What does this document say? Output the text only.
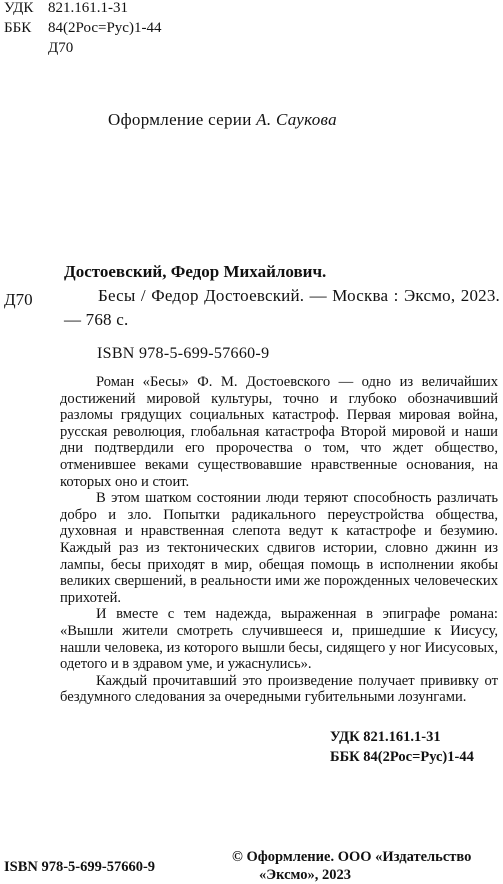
УДК 821.161.1-31
ББК 84(2Рос=Рус)1-44
Д70
Оформление серии А. Саукова
Д70
Достоевский, Федор Михайлович.
Бесы / Федор Достоевский. — Москва : Эксмо, 2023. — 768 с.
ISBN 978-5-699-57660-9

Роман «Бесы» Ф. М. Достоевского — одно из величайших достижений мировой культуры, точно и глубоко обозначивший разломы грядущих социальных катастроф. Первая мировая война, русская революция, глобальная катастрофа Второй мировой и наши дни подтвердили его пророчества о том, что ждет общество, отменившее веками существовавшие нравственные основания, на которых оно и стоит.

В этом шатком состоянии люди теряют способность различать добро и зло. Попытки радикального переустройства общества, духовная и нравственная слепота ведут к катастрофе и безумию. Каждый раз из тектонических сдвигов истории, словно джинн из лампы, бесы приходят в мир, обещая помощь в исполнении якобы великих свершений, в реальности ими же порожденных человеческих прихотей.

И вместе с тем надежда, выраженная в эпиграфе романа: «Вышли жители смотреть случившееся и, пришедшие к Иисусу, нашли человека, из которого вышли бесы, сидящего у ног Иисусовых, одетого и в здравом уме, и ужаснулись».

Каждый прочитавший это произведение получает прививку от бездумного следования за очередными губительными лозунгами.

УДК 821.161.1-31
ББК 84(2Рос=Рус)1-44
ISBN 978-5-699-57660-9
© Оформление. ООО «Издательство
«Эксмо», 2023
